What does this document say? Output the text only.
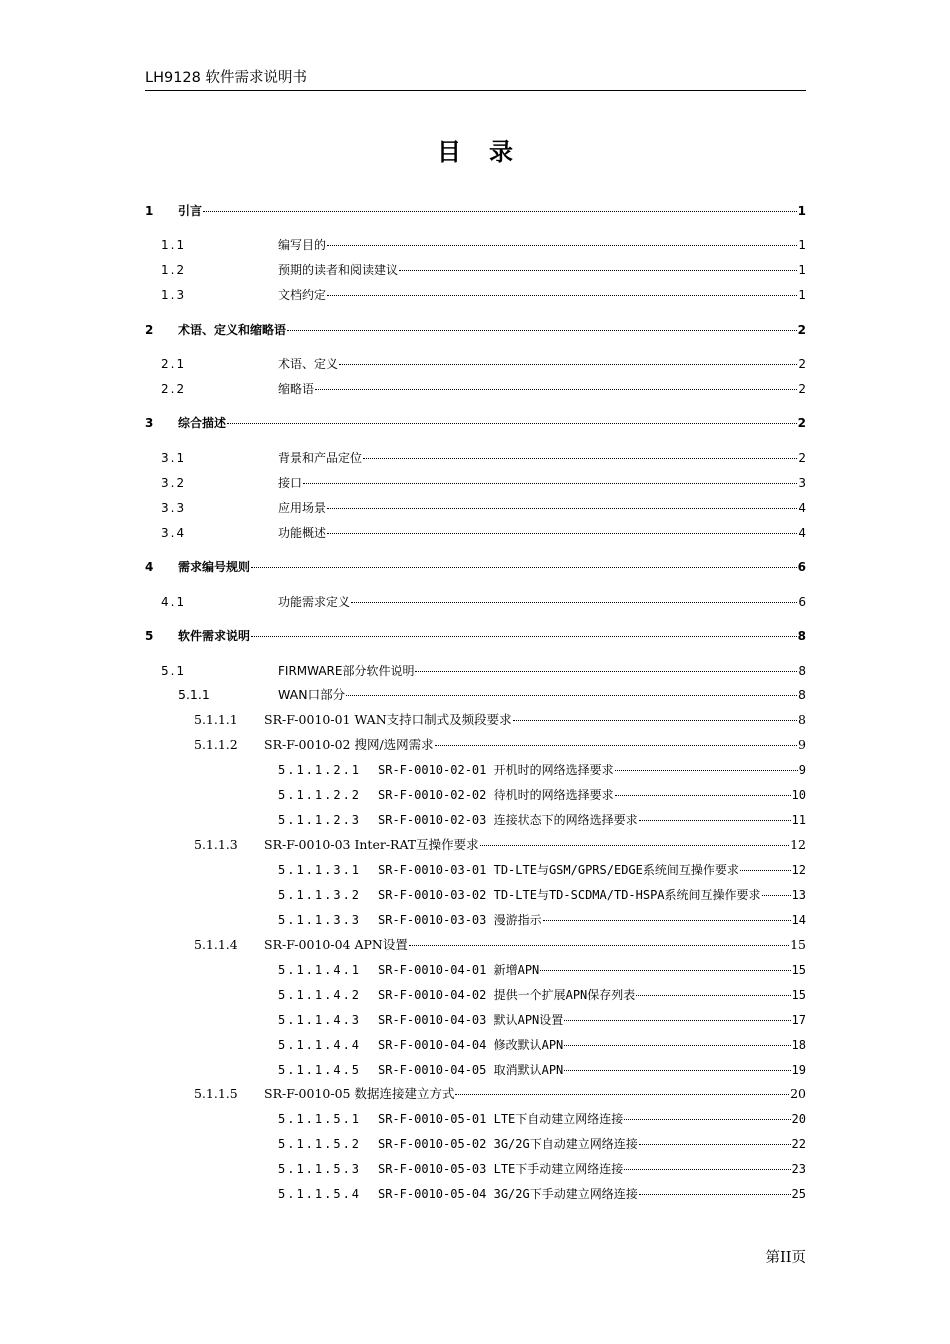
LH9128 软件需求说明书
目录
1 引言	1
1.1	编写目的	1
1.2	预期的读者和阅读建议	1
1.3	文档约定	1
2 术语、定义和缩略语	2
2.1	术语、定义	2
2.2	缩略语	2
3 综合描述	2
3.1	背景和产品定位	2
3.2	接口	3
3.3	应用场景	4
3.4	功能概述	4
4 需求编号规则	6
4.1	功能需求定义	6
5 软件需求说明	8
5.1	FIRMWARE部分软件说明	8
5.1.1	WAN口部分	8
5.1.1.1 SR-F-0010-01 WAN支持口制式及频段要求	8
5.1.1.2 SR-F-0010-02 搜网/选网需求	9
5.1.1.2.1 SR-F-0010-02-01 开机时的网络选择要求	9
5.1.1.2.2 SR-F-0010-02-02 待机时的网络选择要求	10
5.1.1.2.3 SR-F-0010-02-03 连接状态下的网络选择要求	11
5.1.1.3 SR-F-0010-03 Inter-RAT互操作要求	12
5.1.1.3.1 SR-F-0010-03-01 TD-LTE与GSM/GPRS/EDGE系统间互操作要求	12
5.1.1.3.2 SR-F-0010-03-02 TD-LTE与TD-SCDMA/TD-HSPA系统间互操作要求	13
5.1.1.3.3 SR-F-0010-03-03 漫游指示	14
5.1.1.4 SR-F-0010-04 APN设置	15
5.1.1.4.1 SR-F-0010-04-01 新增APN	15
5.1.1.4.2 SR-F-0010-04-02 提供一个扩展APN保存列表	15
5.1.1.4.3 SR-F-0010-04-03 默认APN设置	17
5.1.1.4.4 SR-F-0010-04-04 修改默认APN	18
5.1.1.4.5 SR-F-0010-04-05 取消默认APN	19
5.1.1.5 SR-F-0010-05 数据连接建立方式	20
5.1.1.5.1 SR-F-0010-05-01 LTE下自动建立网络连接	20
5.1.1.5.2 SR-F-0010-05-02 3G/2G下自动建立网络连接	22
5.1.1.5.3 SR-F-0010-05-03 LTE下手动建立网络连接	23
5.1.1.5.4 SR-F-0010-05-04 3G/2G下手动建立网络连接	25
第II页
